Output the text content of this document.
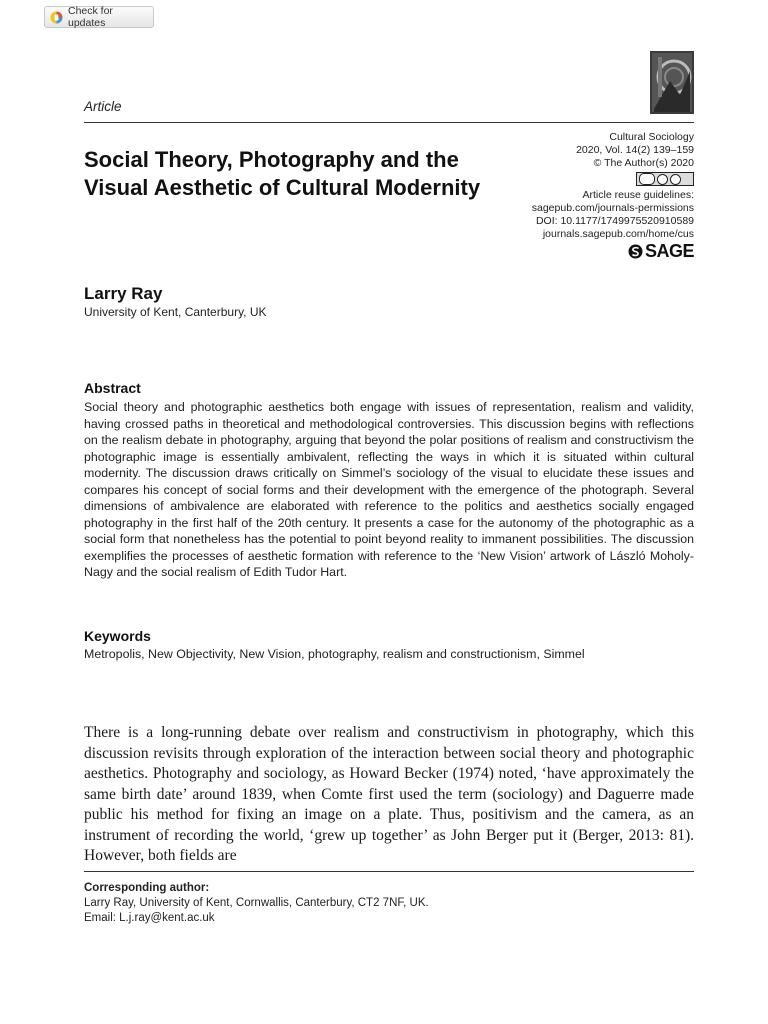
Check for updates
Article
Social Theory, Photography and the Visual Aesthetic of Cultural Modernity
Cultural Sociology
2020, Vol. 14(2) 139–159
© The Author(s) 2020
Article reuse guidelines:
sagepub.com/journals-permissions
DOI: 10.1177/1749975520910589
journals.sagepub.com/home/cus
SAGE
Larry Ray
University of Kent, Canterbury, UK
Abstract

Social theory and photographic aesthetics both engage with issues of representation, realism and validity, having crossed paths in theoretical and methodological controversies. This discussion begins with reflections on the realism debate in photography, arguing that beyond the polar positions of realism and constructivism the photographic image is essentially ambivalent, reflecting the ways in which it is situated within cultural modernity. The discussion draws critically on Simmel’s sociology of the visual to elucidate these issues and compares his concept of social forms and their development with the emergence of the photograph. Several dimensions of ambivalence are elaborated with reference to the politics and aesthetics socially engaged photography in the first half of the 20th century. It presents a case for the autonomy of the photographic as a social form that nonetheless has the potential to point beyond reality to immanent possibilities. The discussion exemplifies the processes of aesthetic formation with reference to the ‘New Vision’ artwork of László Moholy-Nagy and the social realism of Edith Tudor Hart.

Keywords
Metropolis, New Objectivity, New Vision, photography, realism and constructionism, Simmel

There is a long-running debate over realism and constructivism in photography, which this discussion revisits through exploration of the interaction between social theory and photographic aesthetics. Photography and sociology, as Howard Becker (1974) noted, ‘have approximately the same birth date’ around 1839, when Comte first used the term (sociology) and Daguerre made public his method for fixing an image on a plate. Thus, positivism and the camera, as an instrument of recording the world, ‘grew up together’ as John Berger put it (Berger, 2013: 81). However, both fields are

Corresponding author:
Larry Ray, University of Kent, Cornwallis, Canterbury, CT2 7NF, UK.
Email: L.j.ray@kent.ac.uk
